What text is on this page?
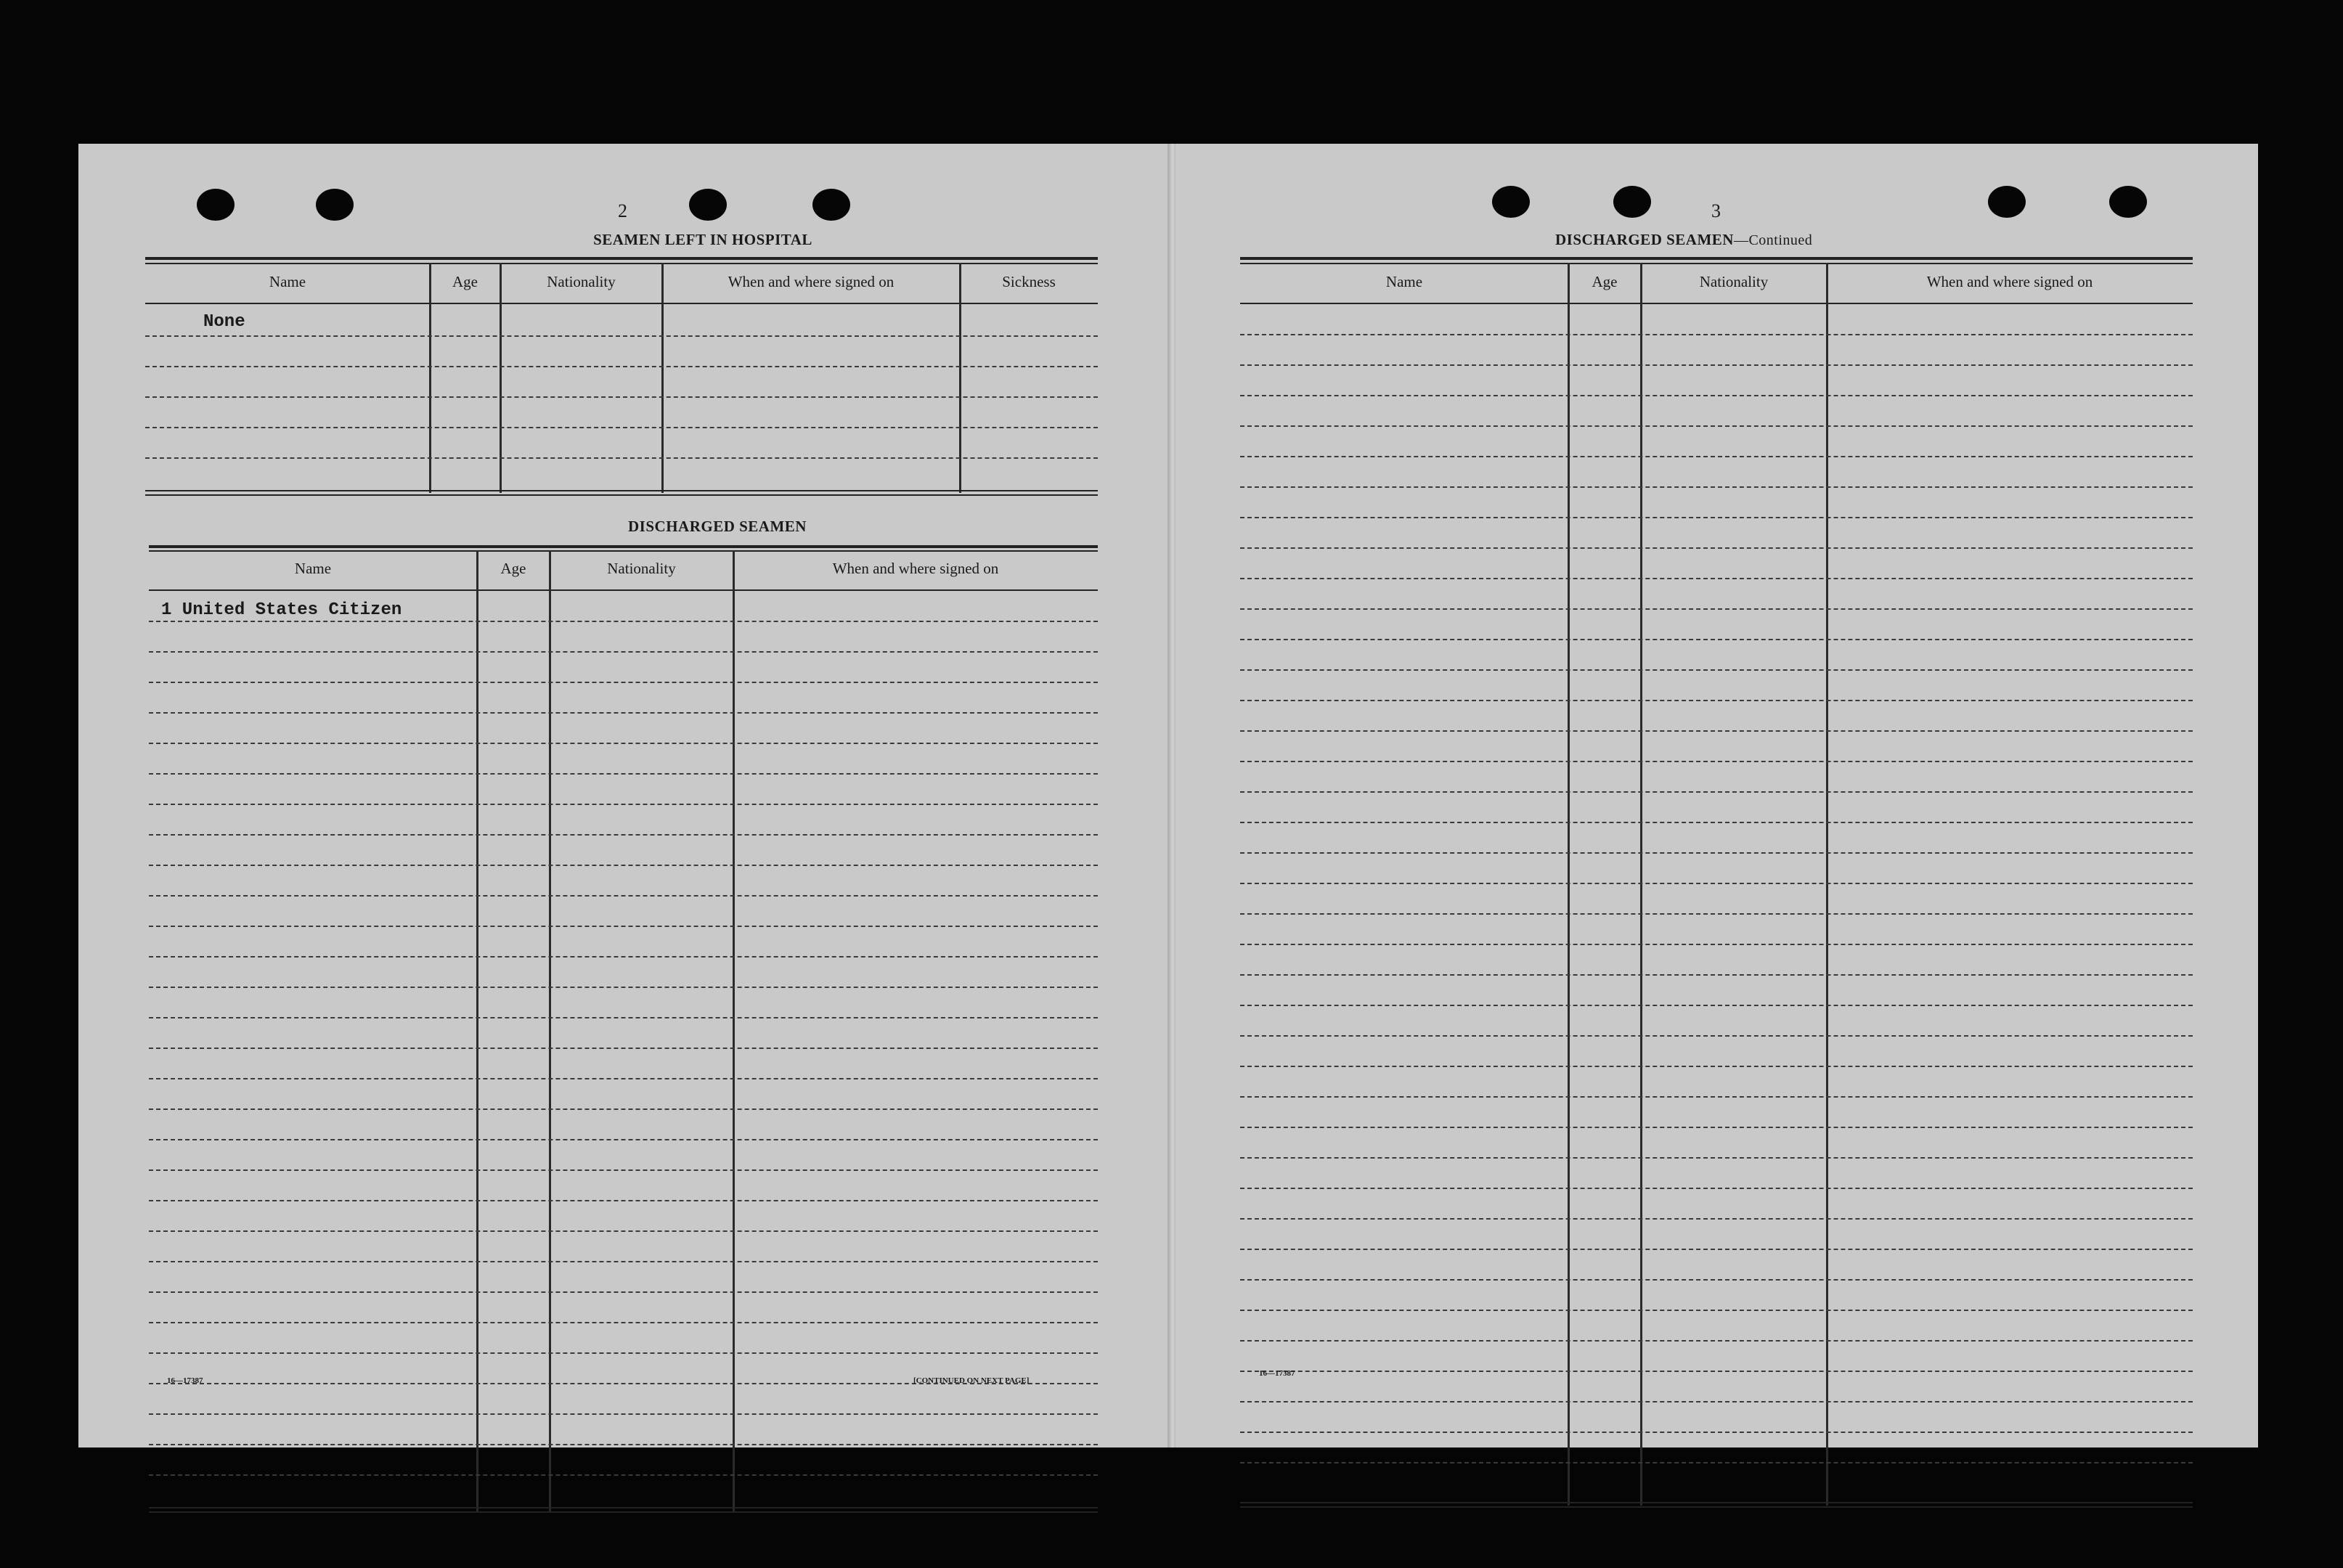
2
SEAMEN LEFT IN HOSPITAL
Name	Age	Nationality	When and where signed on	Sickness
None
DISCHARGED SEAMEN
Name	Age	Nationality	When and where signed on
1 United States Citizen
16—17387	[CONTINUED ON NEXT PAGE]
3
DISCHARGED SEAMEN—Continued
Name	Age	Nationality	When and where signed on
16—17387
